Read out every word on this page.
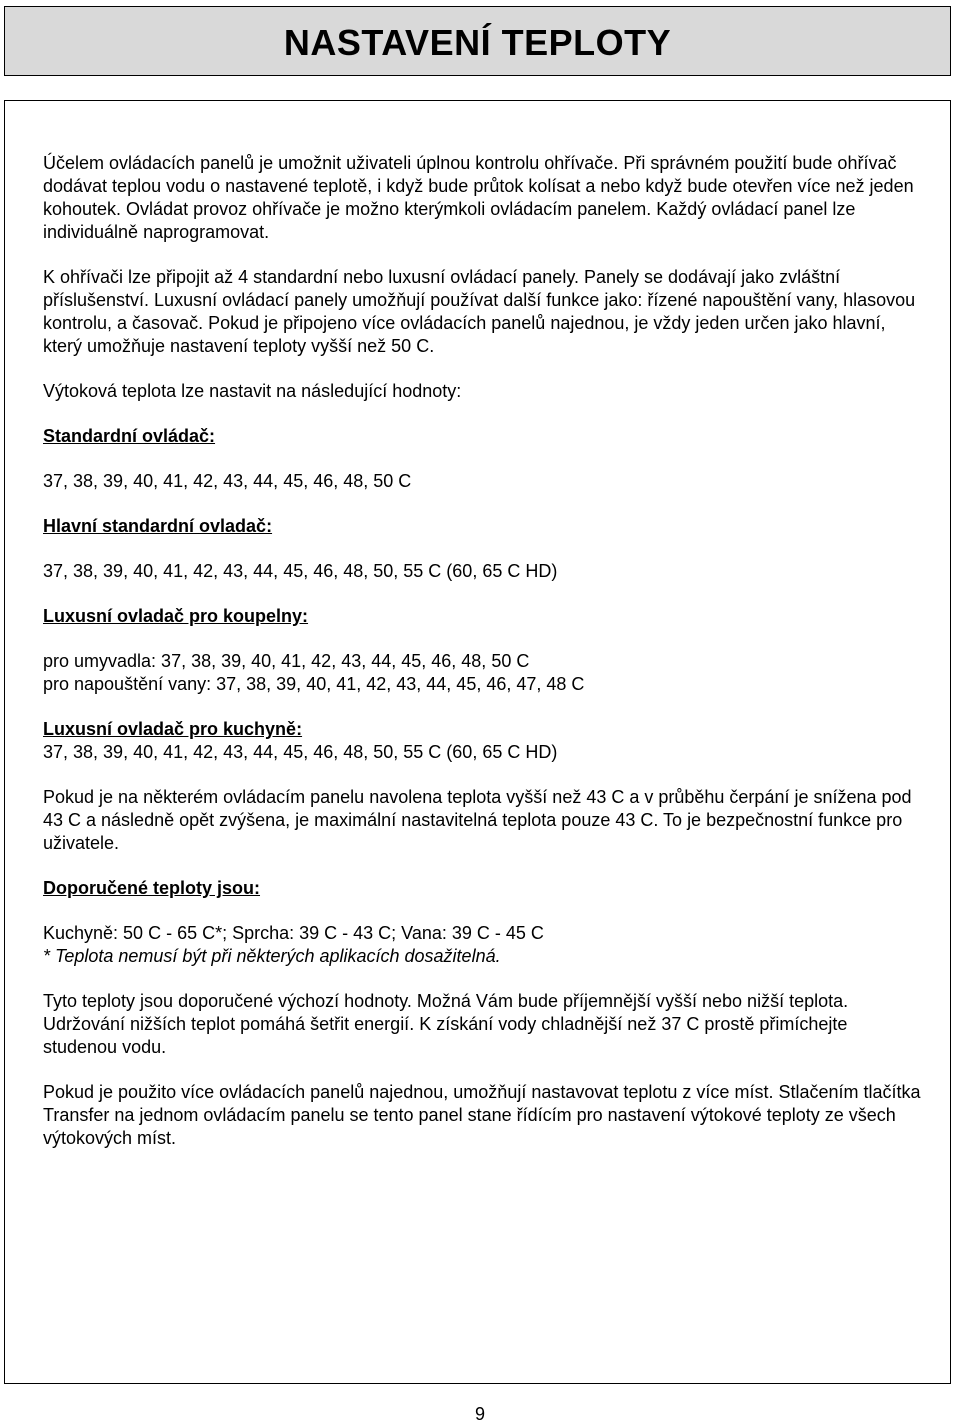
NASTAVENÍ TEPLOTY

Účelem ovládacích panelů je umožnit uživateli úplnou kontrolu ohřívače. Při správném použití bude ohřívač dodávat teplou vodu o nastavené teplotě, i když bude průtok kolísat a nebo když bude otevřen více než jeden kohoutek. Ovládat provoz ohřívače je možno kterýmkoli ovládacím panelem. Každý ovládací panel lze individuálně naprogramovat.

K ohřívači lze připojit až 4 standardní nebo luxusní ovládací panely. Panely se dodávají jako zvláštní příslušenství. Luxusní ovládací panely umožňují používat další funkce jako: řízené napouštění vany, hlasovou kontrolu, a časovač. Pokud je připojeno více ovládacích panelů najednou, je vždy jeden určen jako hlavní, který umožňuje nastavení teploty vyšší než 50 C.

Výtoková teplota lze nastavit na následující hodnoty:

Standardní ovládač:

37, 38, 39, 40, 41, 42, 43, 44, 45, 46, 48, 50 C

Hlavní standardní ovladač:

37, 38, 39, 40, 41, 42, 43, 44, 45, 46, 48, 50, 55 C (60, 65 C HD)

Luxusní ovladač pro koupelny:

pro umyvadla: 37, 38, 39, 40, 41, 42, 43, 44, 45, 46, 48, 50 C

pro napouštění vany: 37, 38, 39, 40, 41, 42, 43, 44, 45, 46, 47, 48 C

Luxusní ovladač pro kuchyně:

37, 38, 39, 40, 41, 42, 43, 44, 45, 46, 48, 50, 55 C (60, 65 C HD)

Pokud je na některém ovládacím panelu navolena teplota vyšší než 43 C a v průběhu čerpání je snížena pod 43 C a následně opět zvýšena, je maximální nastavitelná teplota pouze 43 C. To je bezpečnostní funkce pro uživatele.

Doporučené teploty jsou:

Kuchyně: 50 C - 65 C*; Sprcha: 39 C - 43 C; Vana: 39 C - 45 C

* Teplota nemusí být při některých aplikacích dosažitelná.

Tyto teploty jsou doporučené výchozí hodnoty. Možná Vám bude příjemnější vyšší nebo nižší teplota. Udržování nižších teplot pomáhá šetřit energií. K získání vody chladnější než 37 C prostě přimíchejte studenou vodu.

Pokud je použito více ovládacích panelů najednou, umožňují nastavovat teplotu z více míst. Stlačením tlačítka Transfer na jednom ovládacím panelu se tento panel stane řídícím pro nastavení výtokové teploty ze všech výtokových míst.

9
